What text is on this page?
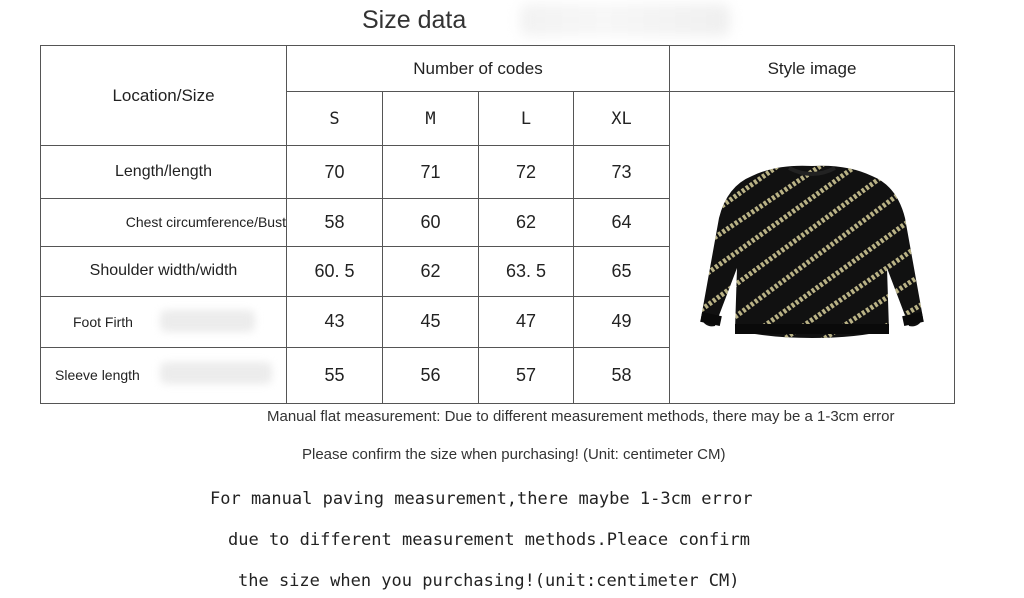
Size data
Location/Size	Number of codes				Style image
	S	M	L	XL	

Length/length	70	71	72	73	
Chest circumference/Bust	58	60	62	64	
Shoulder width/width	60. 5	62	63. 5	65	
Foot Firth	43	45	47	49	
Sleeve length	55	56	57	58	
Manual flat measurement: Due to different measurement methods, there may be a 1-3cm error
Please confirm the size when purchasing! (Unit: centimeter CM)
For manual paving measurement,there maybe 1-3cm error
due to different measurement methods.Pleace confirm
the size when you purchasing!(unit:centimeter CM)
